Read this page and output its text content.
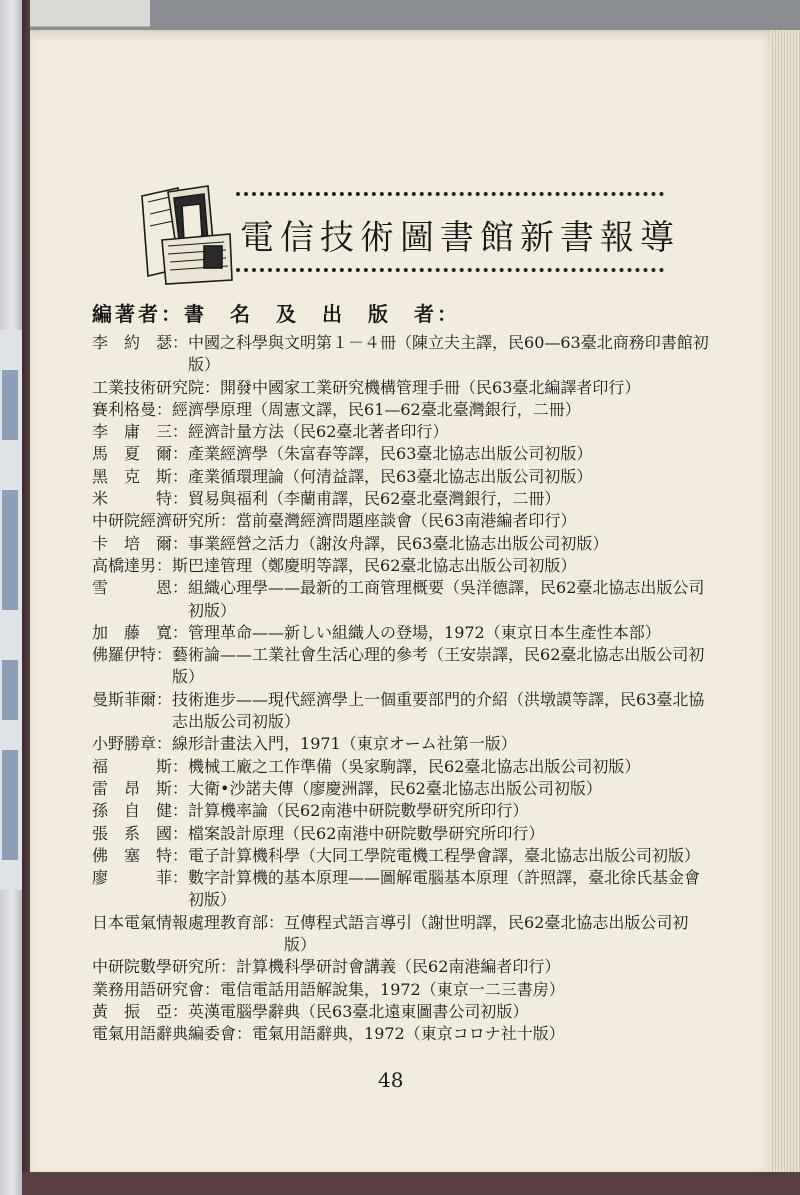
電信技術圖書館新書報導
編著者：書　名　及　出　版　者：
李　約　瑟： 中國之科學與文明第１－４冊（陳立夫主譯，民60—63臺北商務印書館初版）
工業技術研究院： 開發中國家工業研究機構管理手冊（民63臺北編譯者印行）
賽利格曼： 經濟學原理（周憲文譯，民61—62臺北臺灣銀行，二冊）
李　庸　三： 經濟計量方法（民62臺北著者印行）
馬　夏　爾： 產業經濟學（朱富春等譯，民63臺北協志出版公司初版）
黑　克　斯： 產業循環理論（何清益譯，民63臺北協志出版公司初版）
米　　　特： 貿易與福利（李蘭甫譯，民62臺北臺灣銀行，二冊）
中研院經濟研究所： 當前臺灣經濟問題座談會（民63南港編者印行）
卡　培　爾： 事業經營之活力（謝汝舟譯，民63臺北協志出版公司初版）
高橋達男： 斯巴達管理（鄭慶明等譯，民62臺北協志出版公司初版）
雪　　　恩： 組織心理學——最新的工商管理概要（吳洋德譯，民62臺北協志出版公司初版）
加　藤　寬： 管理革命——新しい組織人の登場，1972（東京日本生產性本部）
佛羅伊特： 藝術論——工業社會生活心理的參考（王安崇譯，民62臺北協志出版公司初版）
曼斯菲爾： 技術進步——現代經濟學上一個重要部門的介紹（洪墩謨等譯，民63臺北協志出版公司初版）
小野勝章： 線形計畫法入門，1971（東京オーム社第一版）
福　　　斯： 機械工廠之工作準備（吳家駒譯，民62臺北協志出版公司初版）
雷　昂　斯： 大衛•沙諾夫傳（廖慶洲譯，民62臺北協志出版公司初版）
孫　自　健： 計算機率論（民62南港中研院數學研究所印行）
張　系　國： 檔案設計原理（民62南港中研院數學研究所印行）
佛　塞　特： 電子計算機科學（大同工學院電機工程學會譯，臺北協志出版公司初版）
廖　　　菲： 數字計算機的基本原理——圖解電腦基本原理（許照譯，臺北徐氏基金會初版）
日本電氣情報處理教育部： 互傳程式語言導引（謝世明譯，民62臺北協志出版公司初版）
中研院數學研究所： 計算機科學研討會講義（民62南港編者印行）
業務用語研究會： 電信電話用語解說集，1972（東京一二三書房）
黃　振　亞： 英漢電腦學辭典（民63臺北遠東圖書公司初版）
電氣用語辭典編委會： 電氣用語辭典，1972（東京コロナ社十版）
48
